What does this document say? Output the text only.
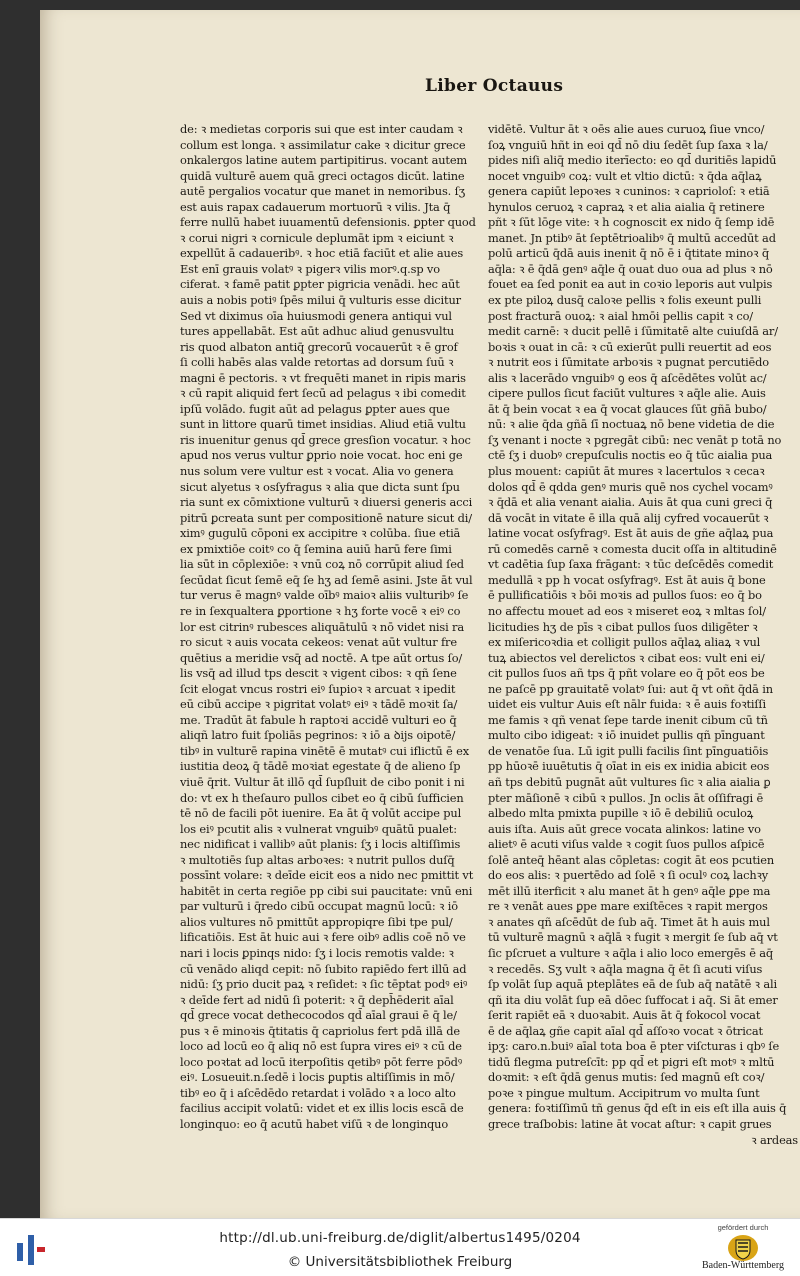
Liber Octauus
de: ꝛ medietas corporis sui que est inter caudam ꝛ
collum est longa. ꝛ assimilatur cake ꝛ dicitur grece
onkalergos latine autem partipitirus. vocant autem
quidā vulturē auem quā greci octagos dicūt. latine
autē pergalios vocatur que manet in nemoribus. ſʒ
est auis rapax cadauerum mortuorū ꝛ vilis. Jta q̄
ferre nullū habet iuuamentū defensionis. ꝑpter quod
ꝛ corui nigri ꝛ cornicule deplumāt ipm ꝛ eiciunt ꝛ
expellūt ā cadaueribꝰ. ꝛ hoc etiā faciūt et alie aues
Est enī grauis volatꝰ ꝛ pigerꝛ vilis morꝰ.q.sp vo
ciferat. ꝛ famē patit ꝑpter pigricia venādi. hec aūt
auis a nobis potiꝰ ſpēs milui q̄ vulturis esse dicitur
Sed vt diximus oīa huiusmodi genera antiqui vul
tures appellabāt. Est aūt adhuc aliud genusvultu
ris quod albaton antiq̄ grecorū vocauerūt ꝛ ē grof
ſi colli habēs alas valde retortas ad dorsum ſuū ꝛ
magni ē pectoris. ꝛ vt frequēti manet in ripis maris
ꝛ cū rapit aliquid fert ſecū ad pelagus ꝛ ibi comedit
ipſū volādo. fugit aūt ad pelagus ꝑpter aues que
sunt in littore quarū timet insidias. Aliud etiā vultu
ris inuenitur genus qd̄ grece gresſion vocatur. ꝛ hoc
apud nos verus vultur ꝑprio noie vocat. hoc eni ge
nus solum vere vultur est ꝛ vocat. Alia vo genera
sicut alyetus ꝛ osſyfragus ꝛ alia que dicta sunt ſpu
ria sunt ex cōmixtione vulturū ꝛ diuersi generis acci
pitrū ꝑcreata sunt per compositionē nature sicut di/
ximꝰ gugulū cōponi ex accipitre ꝛ colūba. ſiue etiā
ex pmixtiōe coitꝰ co q̄ ſemina auiū harū fere ſimi
lia sūt in cōplexiōe: ꝛ vnū coꝝ nō corrūpit aliud ſed
ſecūdat ſicut ſemē eq̄ ſe hʒ ad ſemē asini. Jste āt vul
tur verus ē magnꝰ valde oībꝰ maioꝛ aliis vulturibꝰ ſe
re in ſexqualtera ꝑportione ꝛ hʒ forte vocē ꝛ eiꝰ co
lor est citrinꝰ rubesces aliquātulū ꝛ nō videt nisi ra
ro sicut ꝛ auis vocata cekeos: venat aūt vultur fre
quētius a meridie vsq̄ ad noctē. A tpe aūt ortus ſo/
lis vsq̄ ad illud tps descit ꝛ vigent cibos: ꝛ qñ ſene
ſcit elogat vncus rostri eiꝰ ſupioꝛ ꝛ arcuat ꝛ ipedit
eū cibū accipe ꝛ pigritat volatꝰ eiꝰ ꝛ tādē moꝛit ſa/
me. Tradūt āt fabule h raptoꝛi accidē vulturi eo q̄
aliqñ latro fuit ſpoliās pegrinos: ꝛ iō a ꝺijs oipotē/
tibꝰ in vulturē rapina vinētē ē mutatꝰ cui iflictū ē ex
iustitia deoꝝ q̄ tādē moꝛiat egestate q̄ de alieno ſp
viuē q̄rit. Vultur āt illō qd̄ ſupſluit de cibo ponit i ni
do: vt ex h theſauro pullos cibet eo q̄ cibū ſufficien
tē nō de facili pōt iuenire. Ea āt q̄ volūt accipe pul
los eiꝰ pcutit alis ꝛ vulnerat vnguibꝰ quātū pualet:
nec nidificat i vallibꝰ aūt planis: ſʒ i locis altiſſimis
ꝛ multotiēs ſup altas arboꝛes: ꝛ nutrit pullos duſq̄
possīnt volare: ꝛ deīde eicit eos a nido nec pmittit vt
habitēt in certa regiōe pp cibi sui paucitate: vnū eni
par vulturū i q̄redo cibū occupat magnū locū: ꝛ iō
alios vultures nō pmittūt appropiqre ſibi tpe pul/
lificatiōis. Est āt huic aui ꝛ fere oibꝰ adlis coē nō ve
nari i locis ꝑpinqs nido: ſʒ i locis remotis valde: ꝛ
cū venādo aliqd cepit: nō ſubito rapiēdo fert illū ad
nidū: ſʒ prio ducit paꝝ ꝛ reſidet: ꝛ ſic tēptat podꝰ eiꝰ
ꝛ deīde fert ad nidū ſi poterit: ꝛ q̄ deph̄ēderit aīal
qd̄ grece vocat dethecocodos qd̄ aīal graui ē q̄ le/
pus ꝛ ē minoꝛis q̄titatis q̄ capriolus fert pdā illā de
loco ad locū eo q̄ aliq nō est ſupra vires eiꝰ ꝛ cū de
loco poꝛtat ad locū iterpoſitis qetibꝰ pōt ferre pōdꝰ
eiꝰ. Losueuit.n.ſedē i locis ꝑuptis altiſſimis in mō/
tibꝰ eo q̄ i aſcēdēdo retardat i volādo ꝛ a loco alto
facilius accipit volatū: videt et ex illis locis escā de
longinquo: eo q̄ acutū habet viſū ꝛ de longinquo
vidētē. Vultur āt ꝛ oēs alie aues curuoꝝ ſiue vnco/
ſoꝝ vnguiū hñt in eoi qd̄ nō diu ſedēt ſup ſaxa ꝛ la/
pides niſi aliq̄ medio iterīecto: eo qd̄ duritiēs lapidū
nocet vnguibꝰ coꝝ: vult et vltio dictū: ꝛ q̄da aq̄laꝝ
genera capiūt lepoꝛes ꝛ cuninos: ꝛ caprioloſ: ꝛ etiā
hynulos ceruoꝝ ꝛ capraꝝ ꝛ et alia aialia q̄ retinere
pñt ꝛ ſūt lōge vite: ꝛ h cognoscit ex nido q̄ ſemp idē
manet. Jn ptibꝰ āt ſeptētrioalibꝰ q̄ multū accedūt ad
polū articū q̄dā auis inenit q̄ nō ē i q̄titate minoꝛ q̄
aq̄la: ꝛ ē q̄dā genꝰ aq̄le q̄ ouat duo oua ad plus ꝛ nō
fouet ea ſed ponit ea aut in coꝛio leporis aut vulpis
ex pte piloꝝ dusq̄ caloꝛe pellis ꝛ folis exeunt pulli
post fracturā ouoꝝ: ꝛ aial hmōi pellis capit ꝛ co/
medit carnē: ꝛ ducit pellē i ſūmitatē alte cuiuſdā ar/
boꝛis ꝛ ouat in cā: ꝛ cū exierūt pulli reuertit ad eos
ꝛ nutrit eos i ſūmitate arboꝛis ꝛ pugnat percutiēdo
alis ꝛ lacerādo vnguibꝰ ꝯ eos q̄ aſcēdētes volūt ac/
cipere pullos ſicut faciūt vultures ꝛ aq̄le alie. Auis
āt q̄ bein vocat ꝛ ea q̄ vocat glauces ſūt gñā bubo/
nū: ꝛ alie q̄da gñā ſī noctuaꝝ nō bene videtia de die
ſʒ venant i nocte ꝛ pgregāt cibū: nec venāt p totā no
ctē ſʒ i duobꝰ crepuſculis noctis eo q̄ tūc aialia pua
plus mouent: capiūt āt mures ꝛ lacertulos ꝛ cecaꝛ
dolos qd̄ ē qdda genꝰ muris quē nos cychel vocamꝰ
ꝛ q̄dā et alia venant aialia. Auis āt qua cuni greci q̄
dā vocāt in vitate ē illa quā alij cyfred vocauerūt ꝛ
latine vocat osſyfragꝰ. Est āt auis de gñe aq̄laꝝ pua
rū comedēs carnē ꝛ comesta ducit oſſa in altitudinē
vt cadētia ſup ſaxa frāgant: ꝛ tūc deſcēdēs comedit
medullā ꝛ pp h vocat osſyfragꝰ. Est āt auis q̄ bone
ē pullificatiōis ꝛ bōi moꝛis ad pullos ſuos: eo q̄ bo
no affectu mouet ad eos ꝛ miseret eoꝝ ꝛ mltas ſol/
licitudies hʒ de pīs ꝛ cibat pullos ſuos diligēter ꝛ
ex miſericoꝛdia et colligit pullos aq̄laꝝ aliaꝝ ꝛ vul
tuꝝ abiectos vel derelictos ꝛ cibat eos: vult eni ei/
cit pullos ſuos añ tps q̄ pñt volare eo q̄ pōt eos be
ne paſcē pp grauitatē volatꝰ ſui: aut q̄ vt oñt q̄dā in
uidet eis vultur Auis eſt nālr fuida: ꝛ ē auis foꝛtiſſi
me famis ꝛ qñ venat ſepe tarde inenit cibum cū tñ
multo cibo idigeat: ꝛ iō inuidet pullis qñ pīnguant
de venatōe ſua. Lū igit pulli facilis ſint pīnguatiōis
pp hūoꝛē iuuētutis q̄ oīat in eis ex inidia abicit eos
añ tps debitū pugnāt aūt vultures ſic ꝛ alia aialia ꝑ
pter māſionē ꝛ cibū ꝛ pullos. Jn oclis āt oſſifragi ē
albedo mlta pmixta pupille ꝛ iō ē debiliū oculoꝝ
auis iſta. Auis aūt grece vocata alinkos: latine vo
alietꝰ ē acuti viſus valde ꝛ cogit ſuos pullos aſpicē
ſolē anteq̄ hēant alas cōpletas: cogit āt eos pcutien
do eos alis: ꝛ puertēdo ad ſolē ꝛ ſi oculꝰ coꝝ lachꝛy
mēt illū iterficit ꝛ alu manet āt h genꝰ aq̄le ꝑpe ma
re ꝛ venāt aues ꝑpe mare exiſtēces ꝛ rapit mergos
ꝛ anates qñ aſcēdūt de ſub aq̄. Timet āt h auis mul
tū vulturē magnū ꝛ aq̄lā ꝛ fugit ꝛ mergit ſe ſub aq̄ vt
ſic pſcruet a vulture ꝛ aq̄la i alio loco emergēs ē aq̄
ꝛ recedēs. Sʒ vult ꝛ aq̄la magna q̄ ēt ſi acuti viſus
ſp volāt ſup aquā pteplātes eā de ſub aq̄ natātē ꝛ ali
qñ ita diu volāt ſup eā dōec ſuffocat i aq̄. Si āt emer
ſerit rapiēt eā ꝛ duoꝛabit. Auis āt q̄ fokocol vocat
ē de aq̄laꝝ gñe capit aīal qd̄ aſſoꝛo vocat ꝛ ōtricat
ipʒ: caro.n.buiꝰ aīal tota boa ē pter viſcturas i qbꝰ ſe
tidū flegma putreſcīt: pp qd̄ et pigri eſt motꝰ ꝛ mltū
doꝛmit: ꝛ eſt q̄dā genus mutis: ſed magnū eſt coꝛ/
poꝛe ꝛ pingue multum. Accipitrum vo multa ſunt
genera: foꝛtiſſimū tñ genus q̄d eſt in eis eſt illa auis q̄
grece traſbobis: latine āt vocat aſtur: ꝛ capit grues
ꝛ ardeas
http://dl.ub.uni-freiburg.de/diglit/albertus1495/0204
© Universitätsbibliothek Freiburg
gefördert durch
Baden-Württemberg
